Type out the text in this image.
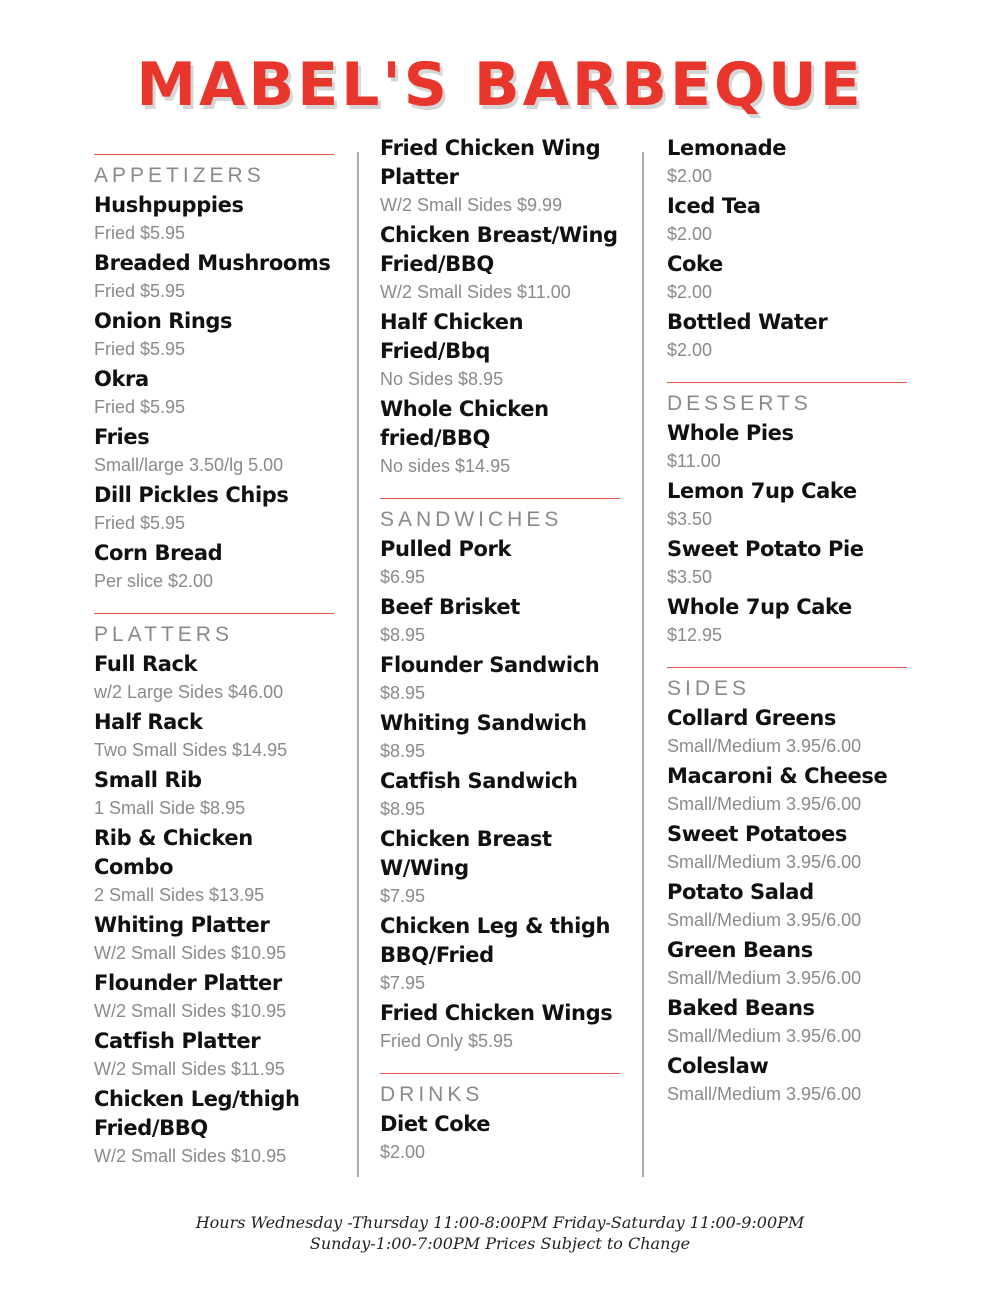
MABEL'S BARBEQUE
APPETIZERS
Hushpuppies
Fried $5.95
Breaded Mushrooms
Fried $5.95
Onion Rings
Fried $5.95
Okra
Fried $5.95
Fries
Small/large 3.50/lg 5.00
Dill Pickles Chips
Fried $5.95
Corn Bread
Per slice $2.00
PLATTERS
Full Rack
w/2 Large Sides $46.00
Half Rack
Two Small Sides $14.95
Small Rib
1 Small Side $8.95
Rib & Chicken Combo
2 Small Sides $13.95
Whiting Platter
W/2 Small Sides $10.95
Flounder Platter
W/2 Small Sides $10.95
Catfish Platter
W/2 Small Sides $11.95
Chicken Leg/thigh Fried/BBQ
W/2 Small Sides $10.95
Fried Chicken Wing Platter
W/2 Small Sides $9.99
Chicken Breast/Wing Fried/BBQ
W/2 Small Sides $11.00
Half Chicken Fried/Bbq
No Sides $8.95
Whole Chicken fried/BBQ
No sides $14.95
SANDWICHES
Pulled Pork
$6.95
Beef Brisket
$8.95
Flounder Sandwich
$8.95
Whiting Sandwich
$8.95
Catfish Sandwich
$8.95
Chicken Breast W/Wing
$7.95
Chicken Leg & thigh BBQ/Fried
$7.95
Fried Chicken Wings
Fried Only $5.95
DRINKS
Diet Coke
$2.00
Lemonade
$2.00
Iced Tea
$2.00
Coke
$2.00
Bottled Water
$2.00
DESSERTS
Whole Pies
$11.00
Lemon 7up Cake
$3.50
Sweet Potato Pie
$3.50
Whole 7up Cake
$12.95
SIDES
Collard Greens
Small/Medium 3.95/6.00
Macaroni & Cheese
Small/Medium 3.95/6.00
Sweet Potatoes
Small/Medium 3.95/6.00
Potato Salad
Small/Medium 3.95/6.00
Green Beans
Small/Medium 3.95/6.00
Baked Beans
Small/Medium 3.95/6.00
Coleslaw
Small/Medium 3.95/6.00
Hours Wednesday -Thursday 11:00-8:00PM Friday-Saturday 11:00-9:00PM
Sunday-1:00-7:00PM Prices Subject to Change
